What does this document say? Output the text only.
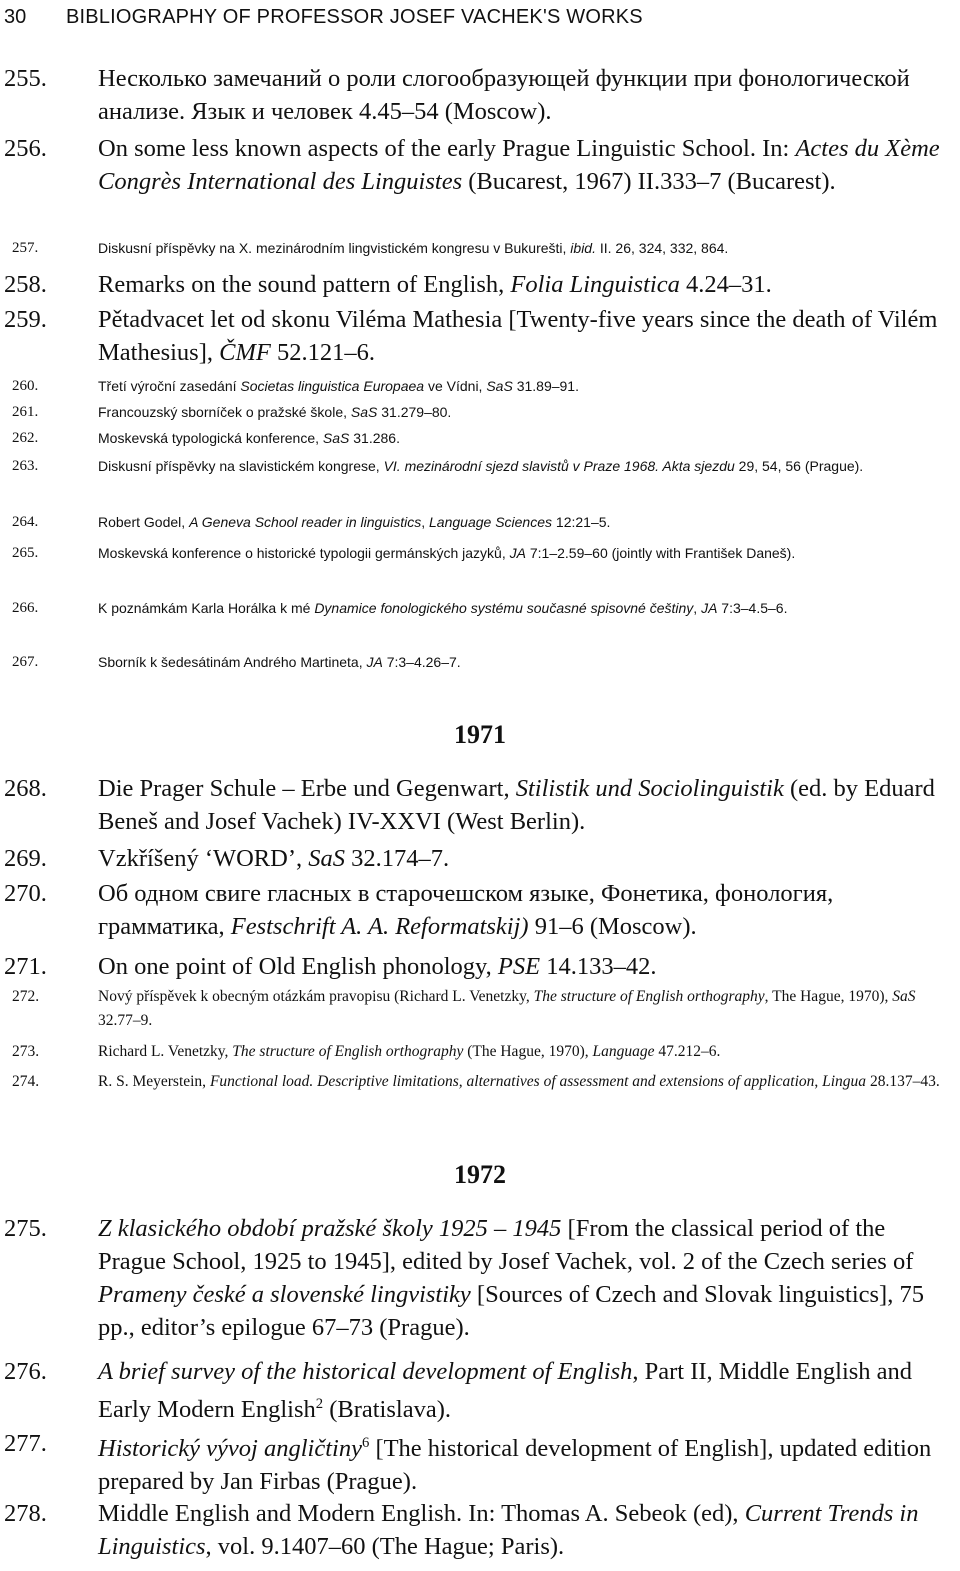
30 BIBLIOGRAPHY OF PROFESSOR JOSEF VACHEK'S WORKS
255. Несколько замечаний о роли слогообразующей функции при фонологической анализе. Язык и человек 4.45–54 (Moscow).
256. On some less known aspects of the early Prague Linguistic School. In: Actes du Xème Congrès International des Linguistes (Bucarest, 1967) II.333–7 (Bucarest).
257.	Diskusní příspěvky na X. mezinárodním lingvistickém kongresu v Bukurešti, ibid. II. 26, 324, 332, 864.
258. Remarks on the sound pattern of English, Folia Linguistica 4.24–31.
259. Pětadvacet let od skonu Viléma Mathesia [Twenty-five years since the death of Vilém Mathesius], ČMF 52.121–6.
260.	Třetí výroční zasedání Societas linguistica Europaea ve Vídni, SaS 31.89–91.
261.	Francouzský sborníček o pražské škole, SaS 31.279–80.
262.	Moskevská typologická konference, SaS 31.286.
263.	Diskusní příspěvky na slavistickém kongrese, VI. mezinárodní sjezd slavistů v Praze 1968. Akta sjezdu 29, 54, 56 (Prague).
264.	Robert Godel, A Geneva School reader in linguistics, Language Sciences 12:21–5.
265.	Moskevská konference o historické typologii germánských jazyků, JA 7:1–2.59–60 (jointly with František Daneš).
266.	K poznámkám Karla Horálka k mé Dynamice fonologického systému současné spisovné češtiny, JA 7:3–4.5–6.
267.	Sborník k šedesátinám Andrého Martineta, JA 7:3–4.26–7.
1971
268. Die Prager Schule – Erbe und Gegenwart, Stilistik und Sociolinguistik (ed. by Eduard Beneš and Josef Vachek) IV-XXVI (West Berlin).
269. Vzkříšený ‘WORD’, SaS 32.174–7.
270. Об одном свиге гласных в старочешском языке, Фонетика, фонология, грамматика, Festschrift A. A. Reformatskij) 91–6 (Moscow).
271. On one point of Old English phonology, PSE 14.133–42.
272.	Nový příspěvek k obecným otázkám pravopisu (Richard L. Venetzky, The structure of English orthography, The Hague, 1970), SaS 32.77–9.
273.	Richard L. Venetzky, The structure of English orthography (The Hague, 1970), Language 47.212–6.
274.	R. S. Meyerstein, Functional load. Descriptive limitations, alternatives of assessment and extensions of application, Lingua 28.137–43.
1972
275. Z klasického období pražské školy 1925 – 1945 [From the classical period of the Prague School, 1925 to 1945], edited by Josef Vachek, vol. 2 of the Czech series of Prameny české a slovenské lingvistiky [Sources of Czech and Slovak linguistics], 75 pp., editor’s epilogue 67–73 (Prague).
276. A brief survey of the historical development of English, Part II, Middle English and Early Modern English$^2$ (Bratislava).
277. Historický vývoj angličtiny$^6$ [The historical development of English], updated edition prepared by Jan Firbas (Prague).
278. Middle English and Modern English. In: Thomas A. Sebeok (ed), Current Trends in Linguistics, vol. 9.1407–60 (The Hague; Paris).
